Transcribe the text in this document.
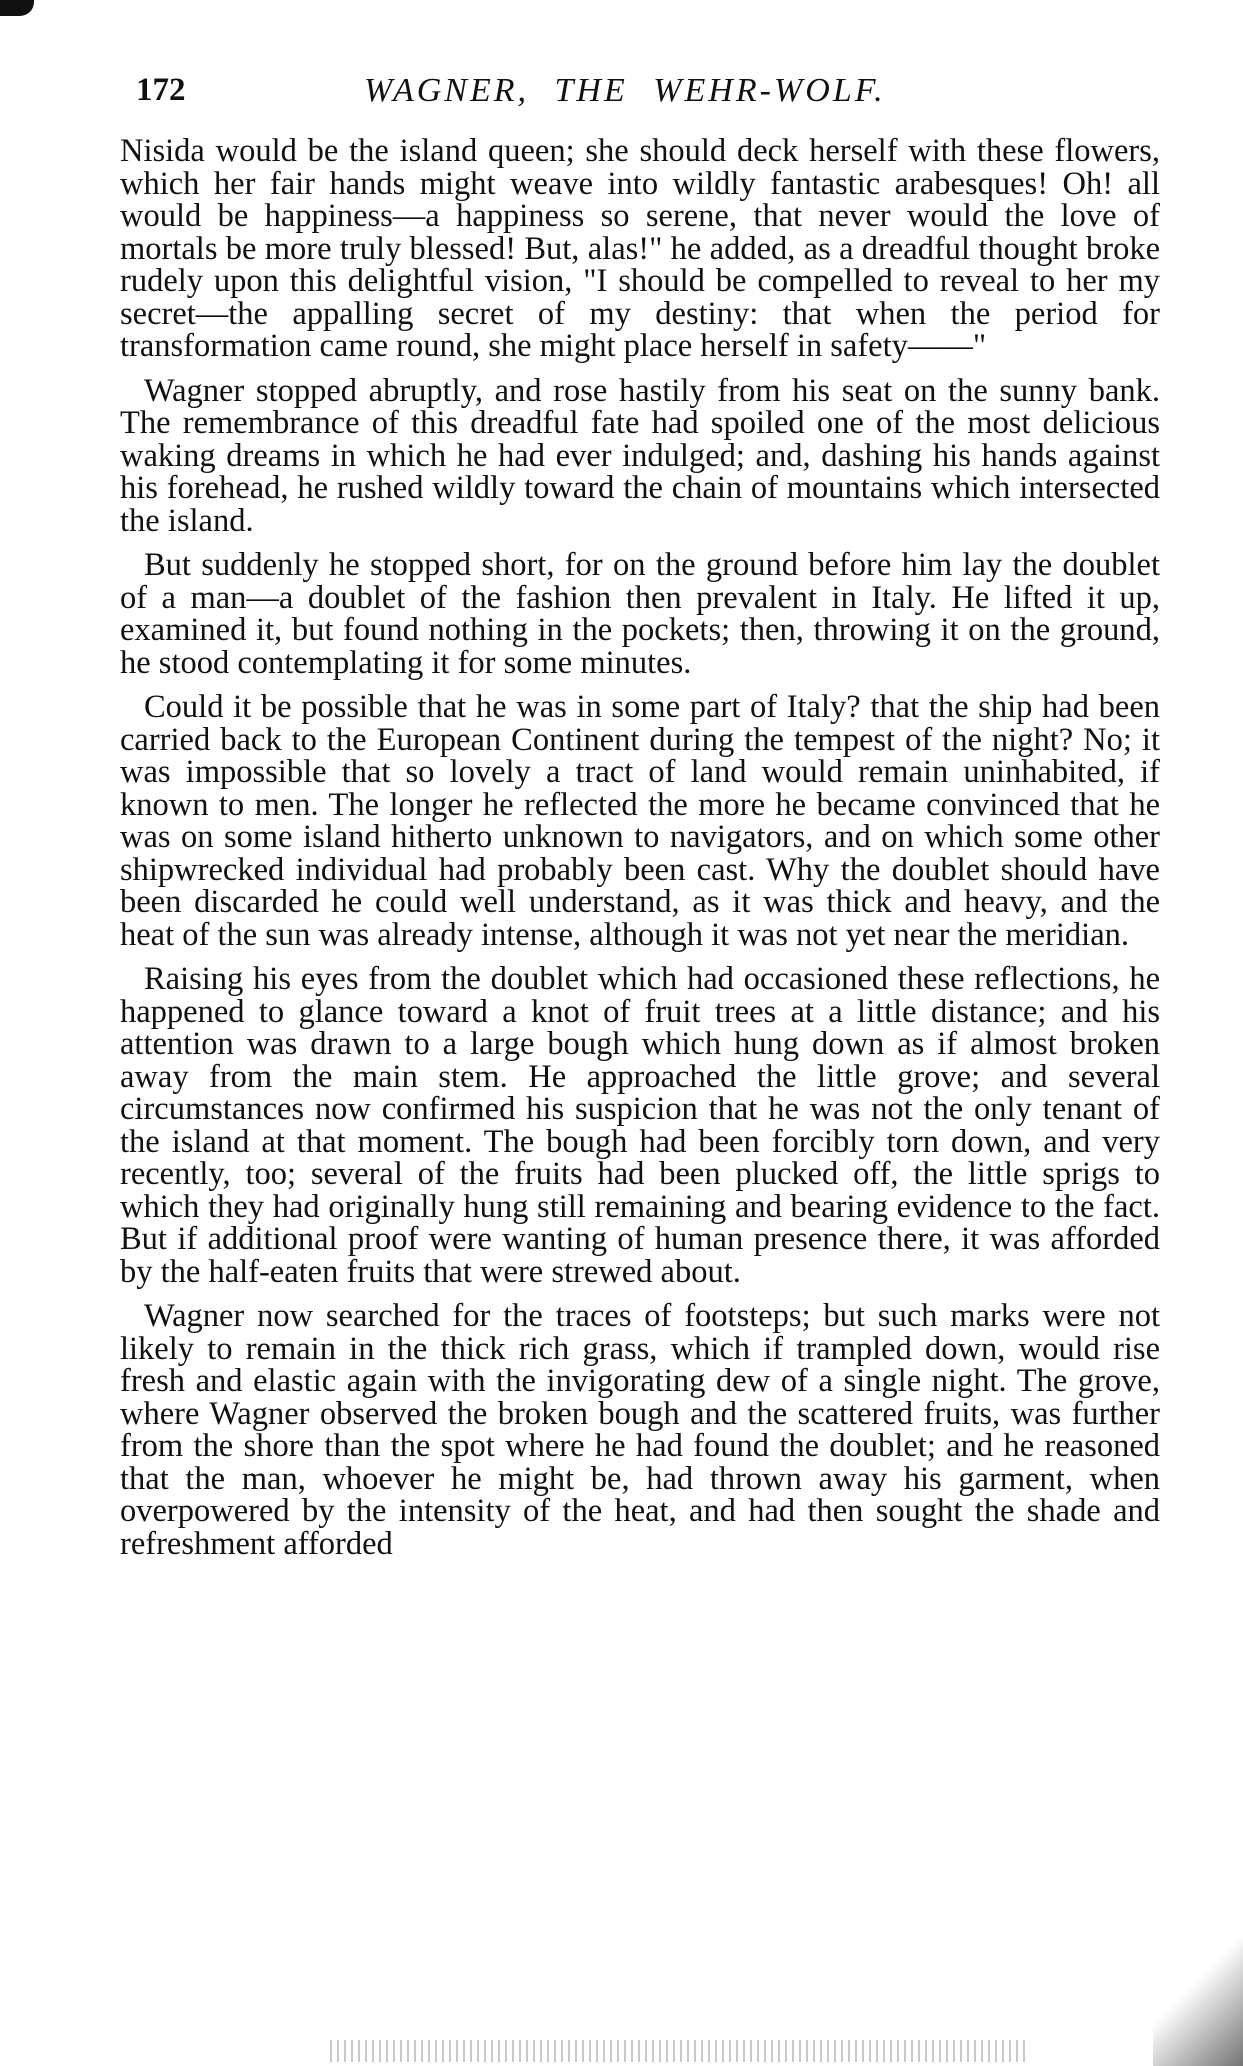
172	WAGNER, THE WEHR-WOLF.

Nisida would be the island queen; she should deck herself with these flowers, which her fair hands might weave into wildly fantastic arabesques! Oh! all would be happiness—a happiness so serene, that never would the love of mortals be more truly blessed! But, alas!" he added, as a dreadful thought broke rudely upon this delightful vision, "I should be compelled to reveal to her my secret—the appalling secret of my destiny: that when the period for transformation came round, she might place herself in safety——"

Wagner stopped abruptly, and rose hastily from his seat on the sunny bank. The remembrance of this dreadful fate had spoiled one of the most delicious waking dreams in which he had ever indulged; and, dashing his hands against his forehead, he rushed wildly toward the chain of mountains which intersected the island.

But suddenly he stopped short, for on the ground before him lay the doublet of a man—a doublet of the fashion then prevalent in Italy. He lifted it up, examined it, but found nothing in the pockets; then, throwing it on the ground, he stood contemplating it for some minutes.

Could it be possible that he was in some part of Italy? that the ship had been carried back to the European Continent during the tempest of the night? No; it was impossible that so lovely a tract of land would remain uninhabited, if known to men. The longer he reflected the more he became convinced that he was on some island hitherto unknown to navigators, and on which some other shipwrecked individual had probably been cast. Why the doublet should have been discarded he could well understand, as it was thick and heavy, and the heat of the sun was already intense, although it was not yet near the meridian.

Raising his eyes from the doublet which had occasioned these reflections, he happened to glance toward a knot of fruit trees at a little distance; and his attention was drawn to a large bough which hung down as if almost broken away from the main stem. He approached the little grove; and several circumstances now confirmed his suspicion that he was not the only tenant of the island at that moment. The bough had been forcibly torn down, and very recently, too; several of the fruits had been plucked off, the little sprigs to which they had originally hung still remaining and bearing evidence to the fact. But if additional proof were wanting of human presence there, it was afforded by the half-eaten fruits that were strewed about.

Wagner now searched for the traces of footsteps; but such marks were not likely to remain in the thick rich grass, which if trampled down, would rise fresh and elastic again with the invigorating dew of a single night. The grove, where Wagner observed the broken bough and the scattered fruits, was further from the shore than the spot where he had found the doublet; and he reasoned that the man, whoever he might be, had thrown away his garment, when overpowered by the intensity of the heat, and had then sought the shade and refreshment afforded
